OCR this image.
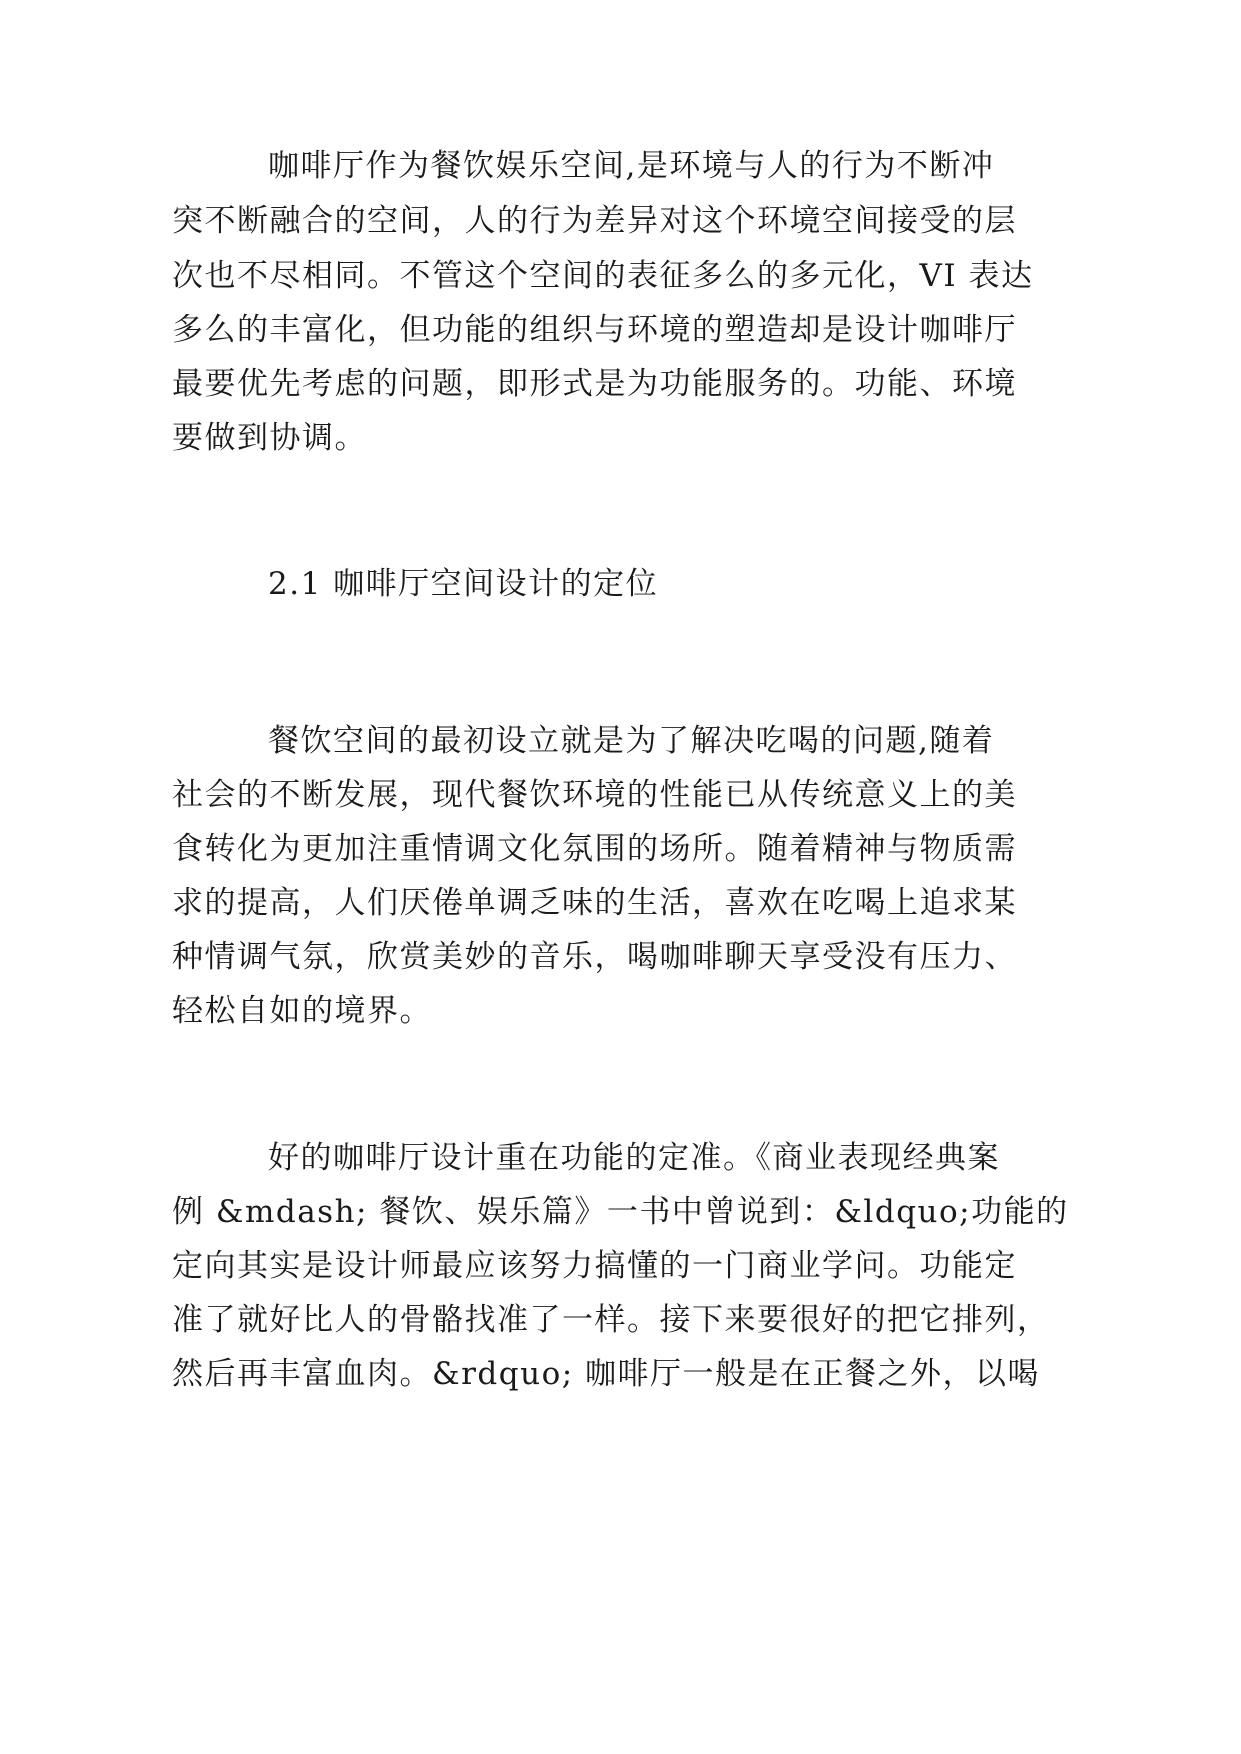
咖啡厅作为餐饮娱乐空间,是环境与人的行为不断冲
突不断融合的空间，人的行为差异对这个环境空间接受的层
次也不尽相同。不管这个空间的表征多么的多元化，VI 表达
多么的丰富化，但功能的组织与环境的塑造却是设计咖啡厅
最要优先考虑的问题，即形式是为功能服务的。功能、环境
要做到协调。
2.1 咖啡厅空间设计的定位
餐饮空间的最初设立就是为了解决吃喝的问题,随着
社会的不断发展，现代餐饮环境的性能已从传统意义上的美
食转化为更加注重情调文化氛围的场所。随着精神与物质需
求的提高，人们厌倦单调乏味的生活，喜欢在吃喝上追求某
种情调气氛，欣赏美妙的音乐，喝咖啡聊天享受没有压力、
轻松自如的境界。
好的咖啡厅设计重在功能的定准。《商业表现经典案
例 &mdash; 餐饮、娱乐篇》一书中曾说到：&ldquo;功能的
定向其实是设计师最应该努力搞懂的一门商业学问。功能定
准了就好比人的骨骼找准了一样。接下来要很好的把它排列，
然后再丰富血肉。&rdquo; 咖啡厅一般是在正餐之外，以喝
